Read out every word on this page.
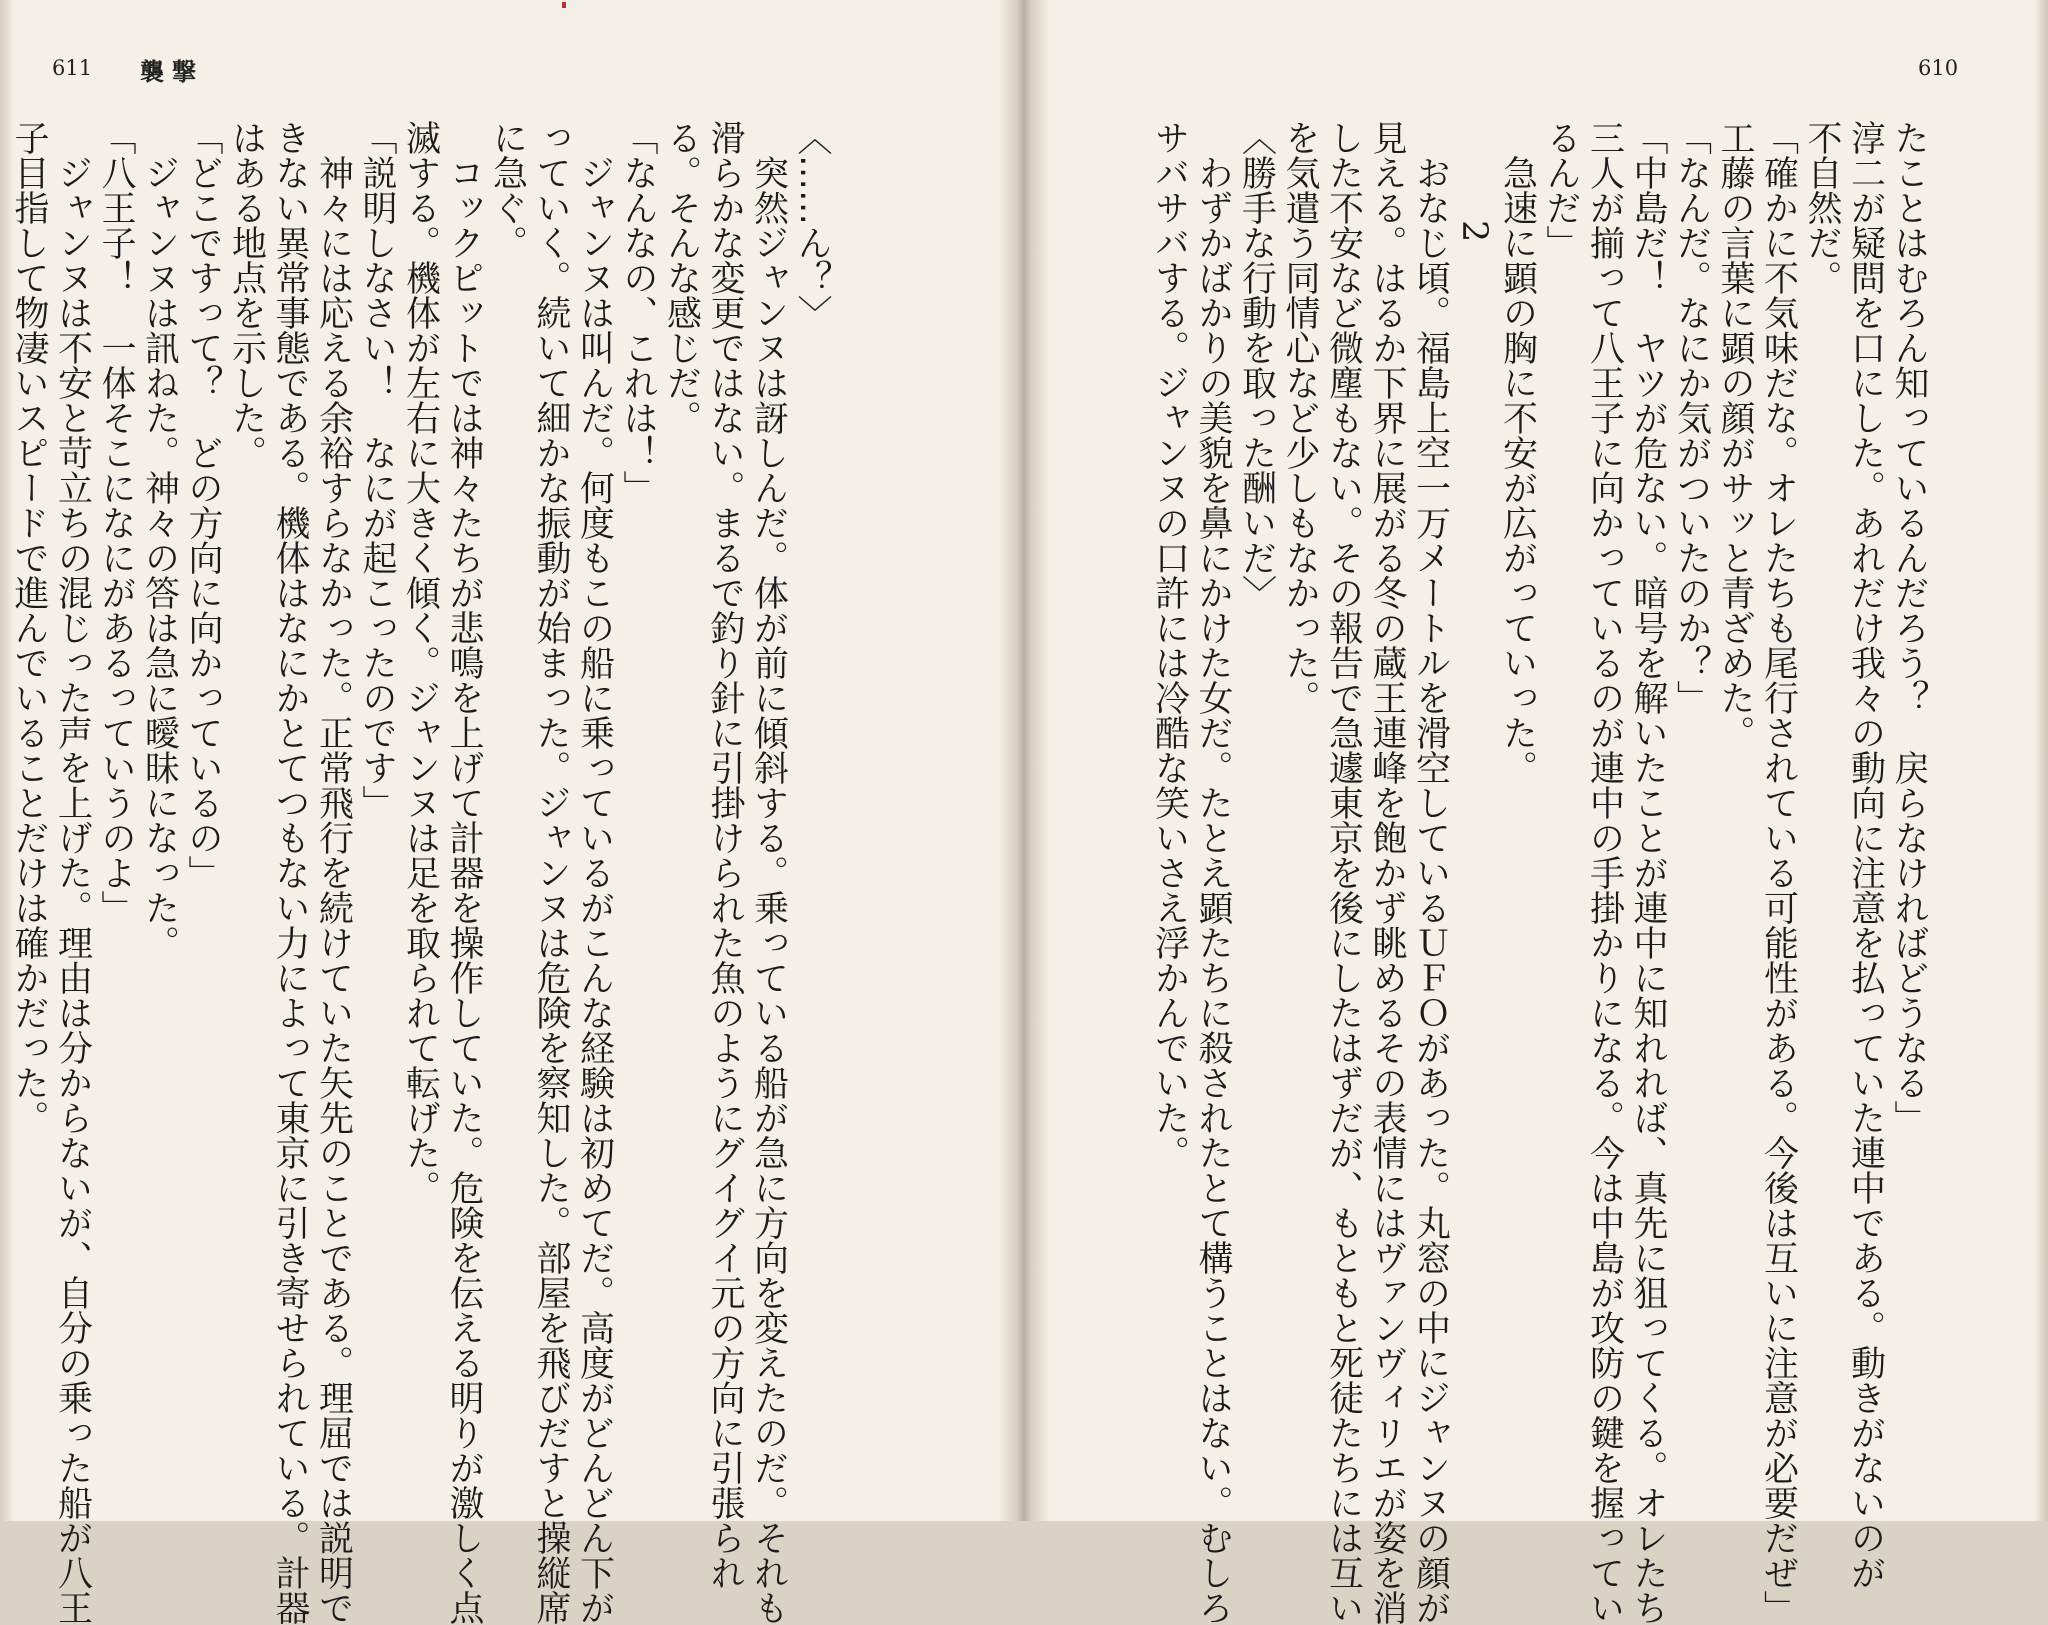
611 襲撃	610

たことはむろん知っているんだろう？　戻らなければどうなる」

淳二が疑問を口にした。あれだけ我々の動向に注意を払っていた連中である。動きがないのが

不自然だ。

「確かに不気味だな。オレたちも尾行されている可能性がある。今後は互いに注意が必要だぜ」

工藤の言葉に顕の顔がサッと青ざめた。

「なんだ。なにか気がついたのか？」

「中島だ！　ヤツが危ない。暗号を解いたことが連中に知れれば、真先に狙ってくる。オレたち

三人が揃って八王子に向かっているのが連中の手掛かりになる。今は中島が攻防の鍵を握ってい

るんだ」

　急速に顕の胸に不安が広がっていった。

2

　おなじ頃。福島上空一万メートルを滑空しているＵＦＯがあった。丸窓の中にジャンヌの顔が

見える。はるか下界に展がる冬の蔵王連峰を飽かず眺めるその表情にはヴァンヴィリエが姿を消

した不安など微塵もない。その報告で急遽東京を後にしたはずだが、もともと死徒たちには互い

を気遣う同情心など少しもなかった。

〈勝手な行動を取った酬いだ〉

　わずかばかりの美貌を鼻にかけた女だ。たとえ顕たちに殺されたとて構うことはない。むしろ

サバサバする。ジャンヌの口許には冷酷な笑いさえ浮かんでいた。

〈……ん？〉

　突然ジャンヌは訝しんだ。体が前に傾斜する。乗っている船が急に方向を変えたのだ。それも

滑らかな変更ではない。まるで釣り針に引掛けられた魚のようにグイグイ元の方向に引張られ

る。そんな感じだ。

「なんなの、これは！」

　ジャンヌは叫んだ。何度もこの船に乗っているがこんな経験は初めてだ。高度がどんどん下が

っていく。続いて細かな振動が始まった。ジャンヌは危険を察知した。部屋を飛びだすと操縦席

に急ぐ。

　コックピットでは神々たちが悲鳴を上げて計器を操作していた。危険を伝える明りが激しく点

滅する。機体が左右に大きく傾く。ジャンヌは足を取られて転げた。

「説明しなさい！　なにが起こったのです」

　神々には応える余裕すらなかった。正常飛行を続けていた矢先のことである。理屈では説明で

きない異常事態である。機体はなにかとてつもない力によって東京に引き寄せられている。計器

はある地点を示した。

「どこですって？　どの方向に向かっているの」

　ジャンヌは訊ねた。神々の答は急に曖昧になった。

「八王子！　一体そこになにがあるっていうのよ」

　ジャンヌは不安と苛立ちの混じった声を上げた。理由は分からないが、自分の乗った船が八王

子目指して物凄いスピードで進んでいることだけは確かだった。
